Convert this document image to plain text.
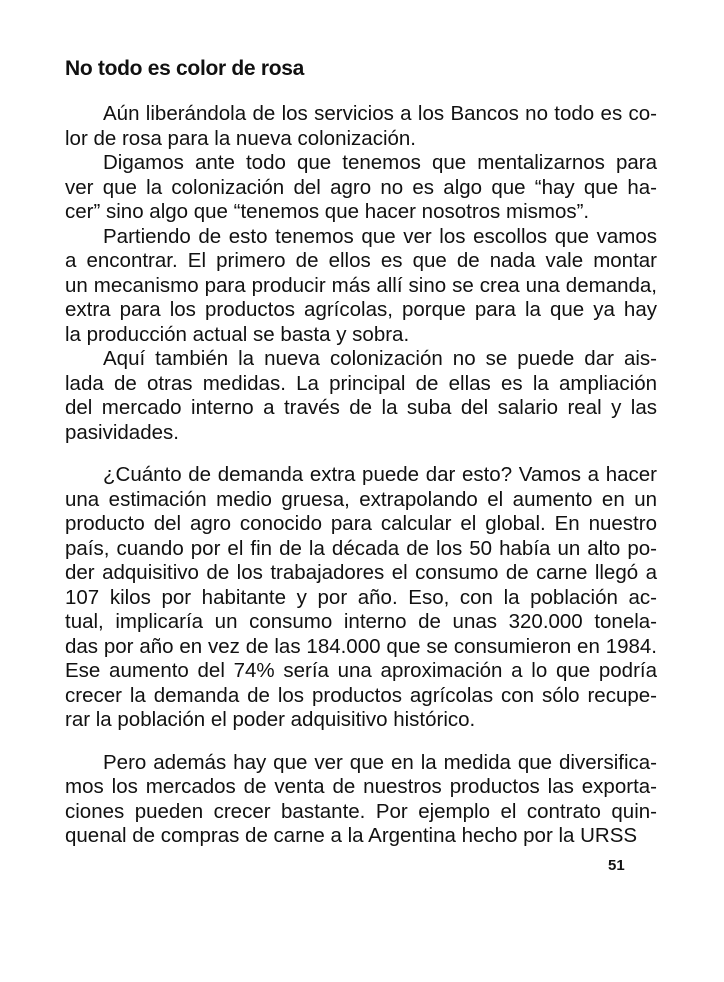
No todo es color de rosa

Aún liberándola de los servicios a los Bancos no todo es co-
lor de rosa para la nueva colonización.

Digamos ante todo que tenemos que mentalizarnos para
ver que la colonización del agro no es algo que “hay que ha-
cer” sino algo que “tenemos que hacer nosotros mismos”.

Partiendo de esto tenemos que ver los escollos que vamos
a encontrar. El primero de ellos es que de nada vale montar
un mecanismo para producir más allí sino se crea una demanda,
extra para los productos agrícolas, porque para la que ya hay
la producción actual se basta y sobra.

Aquí también la nueva colonización no se puede dar ais-
lada de otras medidas. La principal de ellas es la ampliación
del mercado interno a través de la suba del salario real y las
pasividades.

¿Cuánto de demanda extra puede dar esto? Vamos a hacer
una estimación medio gruesa, extrapolando el aumento en un
producto del agro conocido para calcular el global. En nuestro
país, cuando por el fin de la década de los 50 había un alto po-
der adquisitivo de los trabajadores el consumo de carne llegó a
107 kilos por habitante y por año. Eso, con la población ac-
tual, implicaría un consumo interno de unas 320.000 tonela-
das por año en vez de las 184.000 que se consumieron en 1984.
Ese aumento del 74% sería una aproximación a lo que podría
crecer la demanda de los productos agrícolas con sólo recupe-
rar la población el poder adquisitivo histórico.

Pero además hay que ver que en la medida que diversifica-
mos los mercados de venta de nuestros productos las exporta-
ciones pueden crecer bastante. Por ejemplo el contrato quin-
quenal de compras de carne a la Argentina hecho por la URSS

51
